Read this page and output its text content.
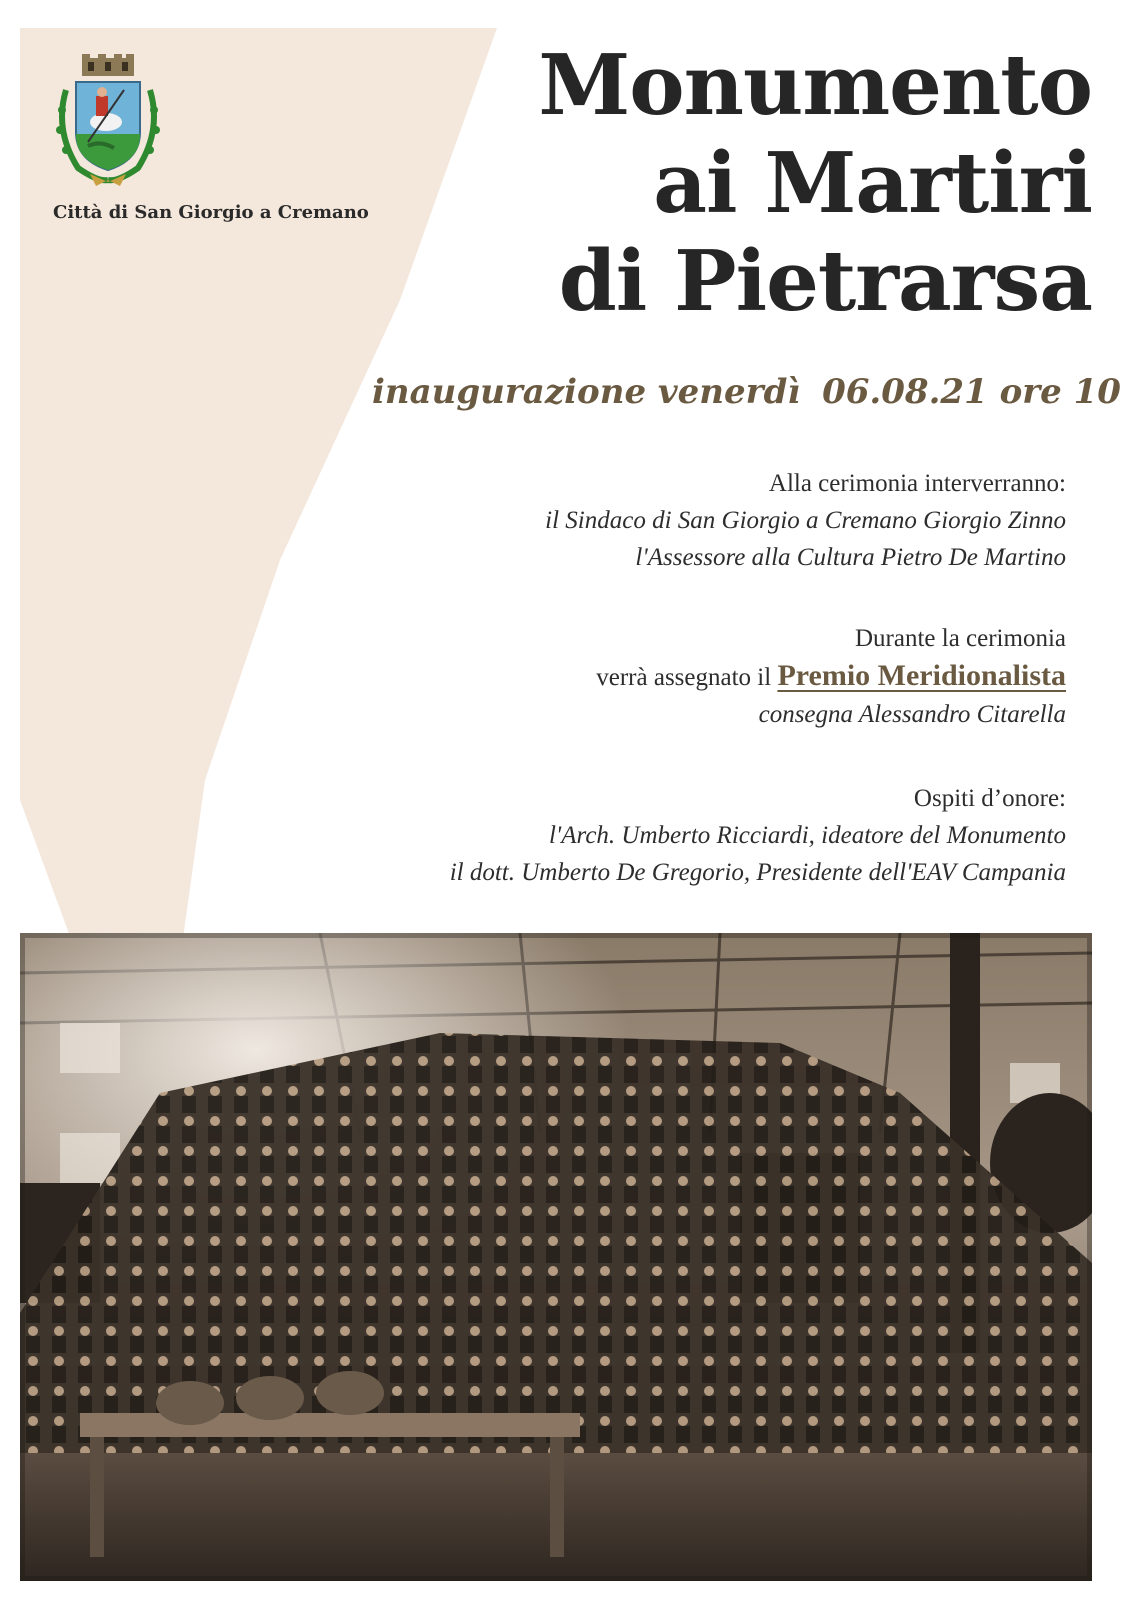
Città di San Giorgio a Cremano
Monumento
ai Martiri
di Pietrarsa
inaugurazione venerdì 06.08.21 ore 10
Alla cerimonia interverranno:
il Sindaco di San Giorgio a Cremano Giorgio Zinno
l'Assessore alla Cultura Pietro De Martino
Durante la cerimonia
verrà assegnato il Premio Meridionalista
consegna Alessandro Citarella
Ospiti d’onore:
l'Arch. Umberto Ricciardi, ideatore del Monumento
il dott. Umberto De Gregorio, Presidente dell'EAV Campania
